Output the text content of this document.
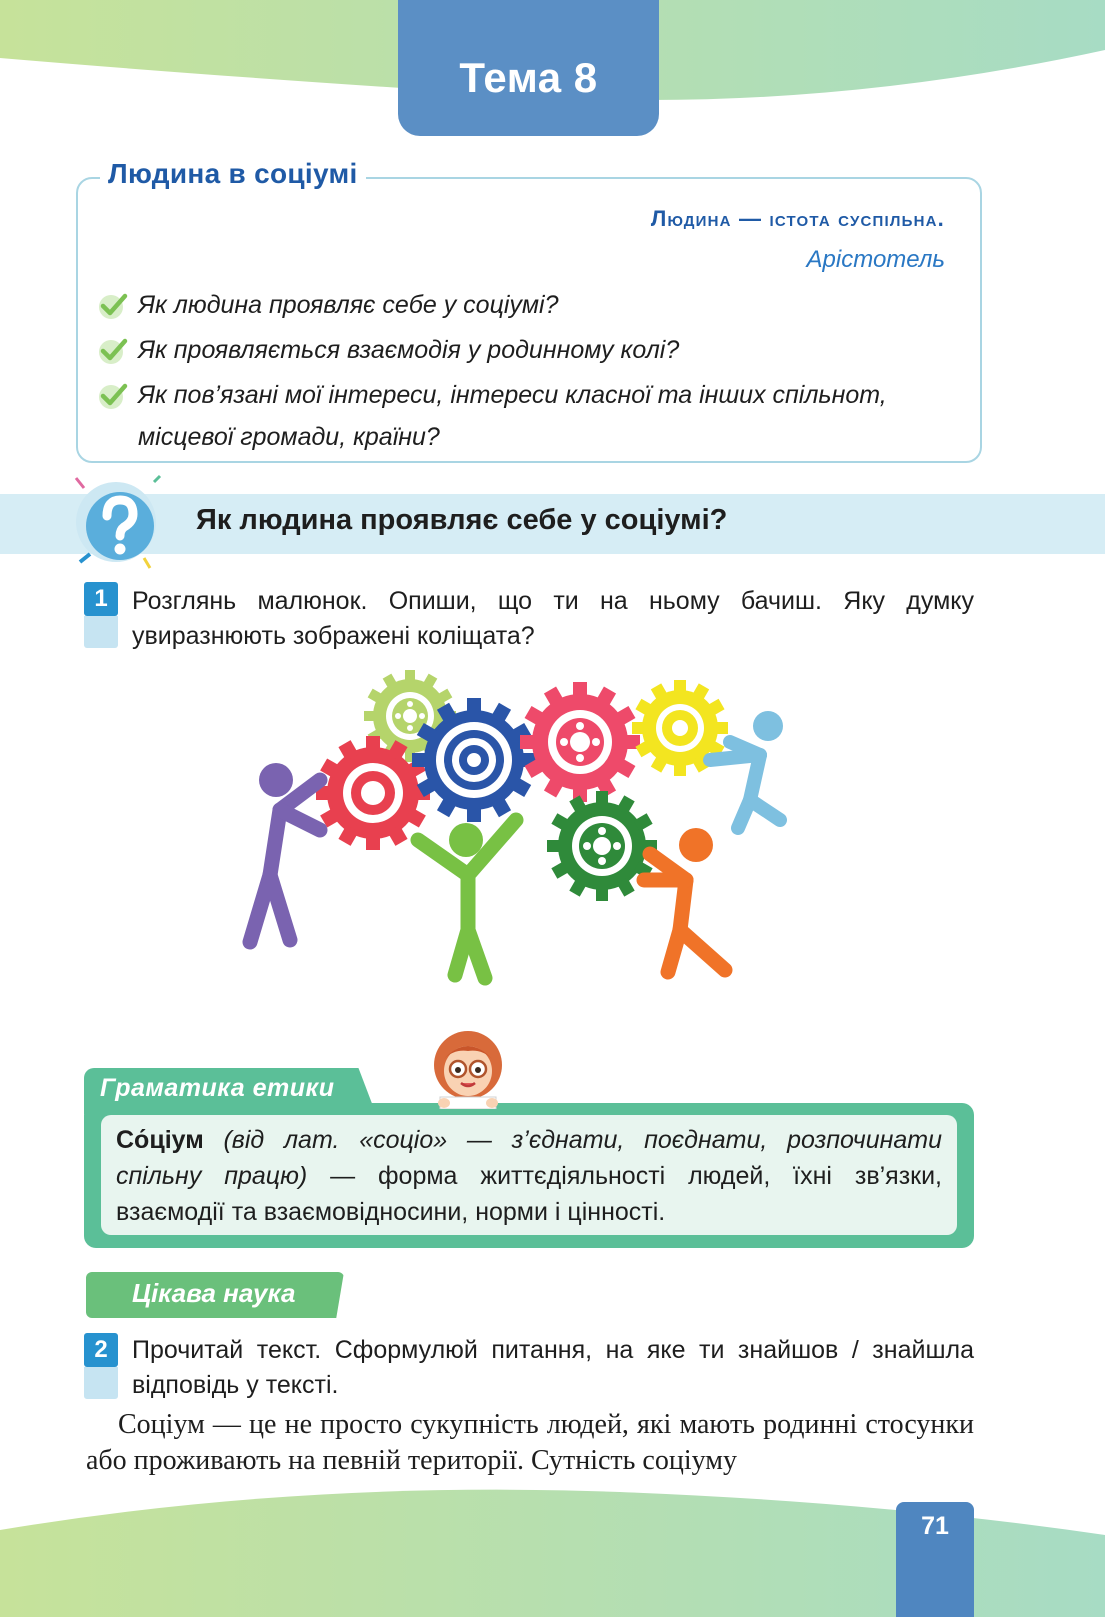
Тема 8
Людина в соціумі
Людина — істота суспільна.
Арістотель
Як людина проявляє себе у соціумі?
Як проявляється взаємодія у родинному колі?
Як пов’язані мої інтереси, інтереси класної та інших спільнот, місцевої громади, країни?
Як людина проявляє себе у соціумі?
1 Розглянь малюнок. Опиши, що ти на ньому бачиш. Яку думку увиразнюють зображені коліщата?
Граматика етики
Со́ціум (від лат. «соціо» — з’єднати, поєднати, розпочинати спільну працю) — форма життєдіяльності людей, їхні зв’язки, взаємодії та взаємовідносини, норми і цінності.
Цікава наука
2 Прочитай текст. Сформулюй питання, на яке ти знайшов / знайшла відповідь у тексті.
Соціум — це не просто сукупність людей, які мають родинні стосунки або проживають на певній території. Сутність соціуму
71
